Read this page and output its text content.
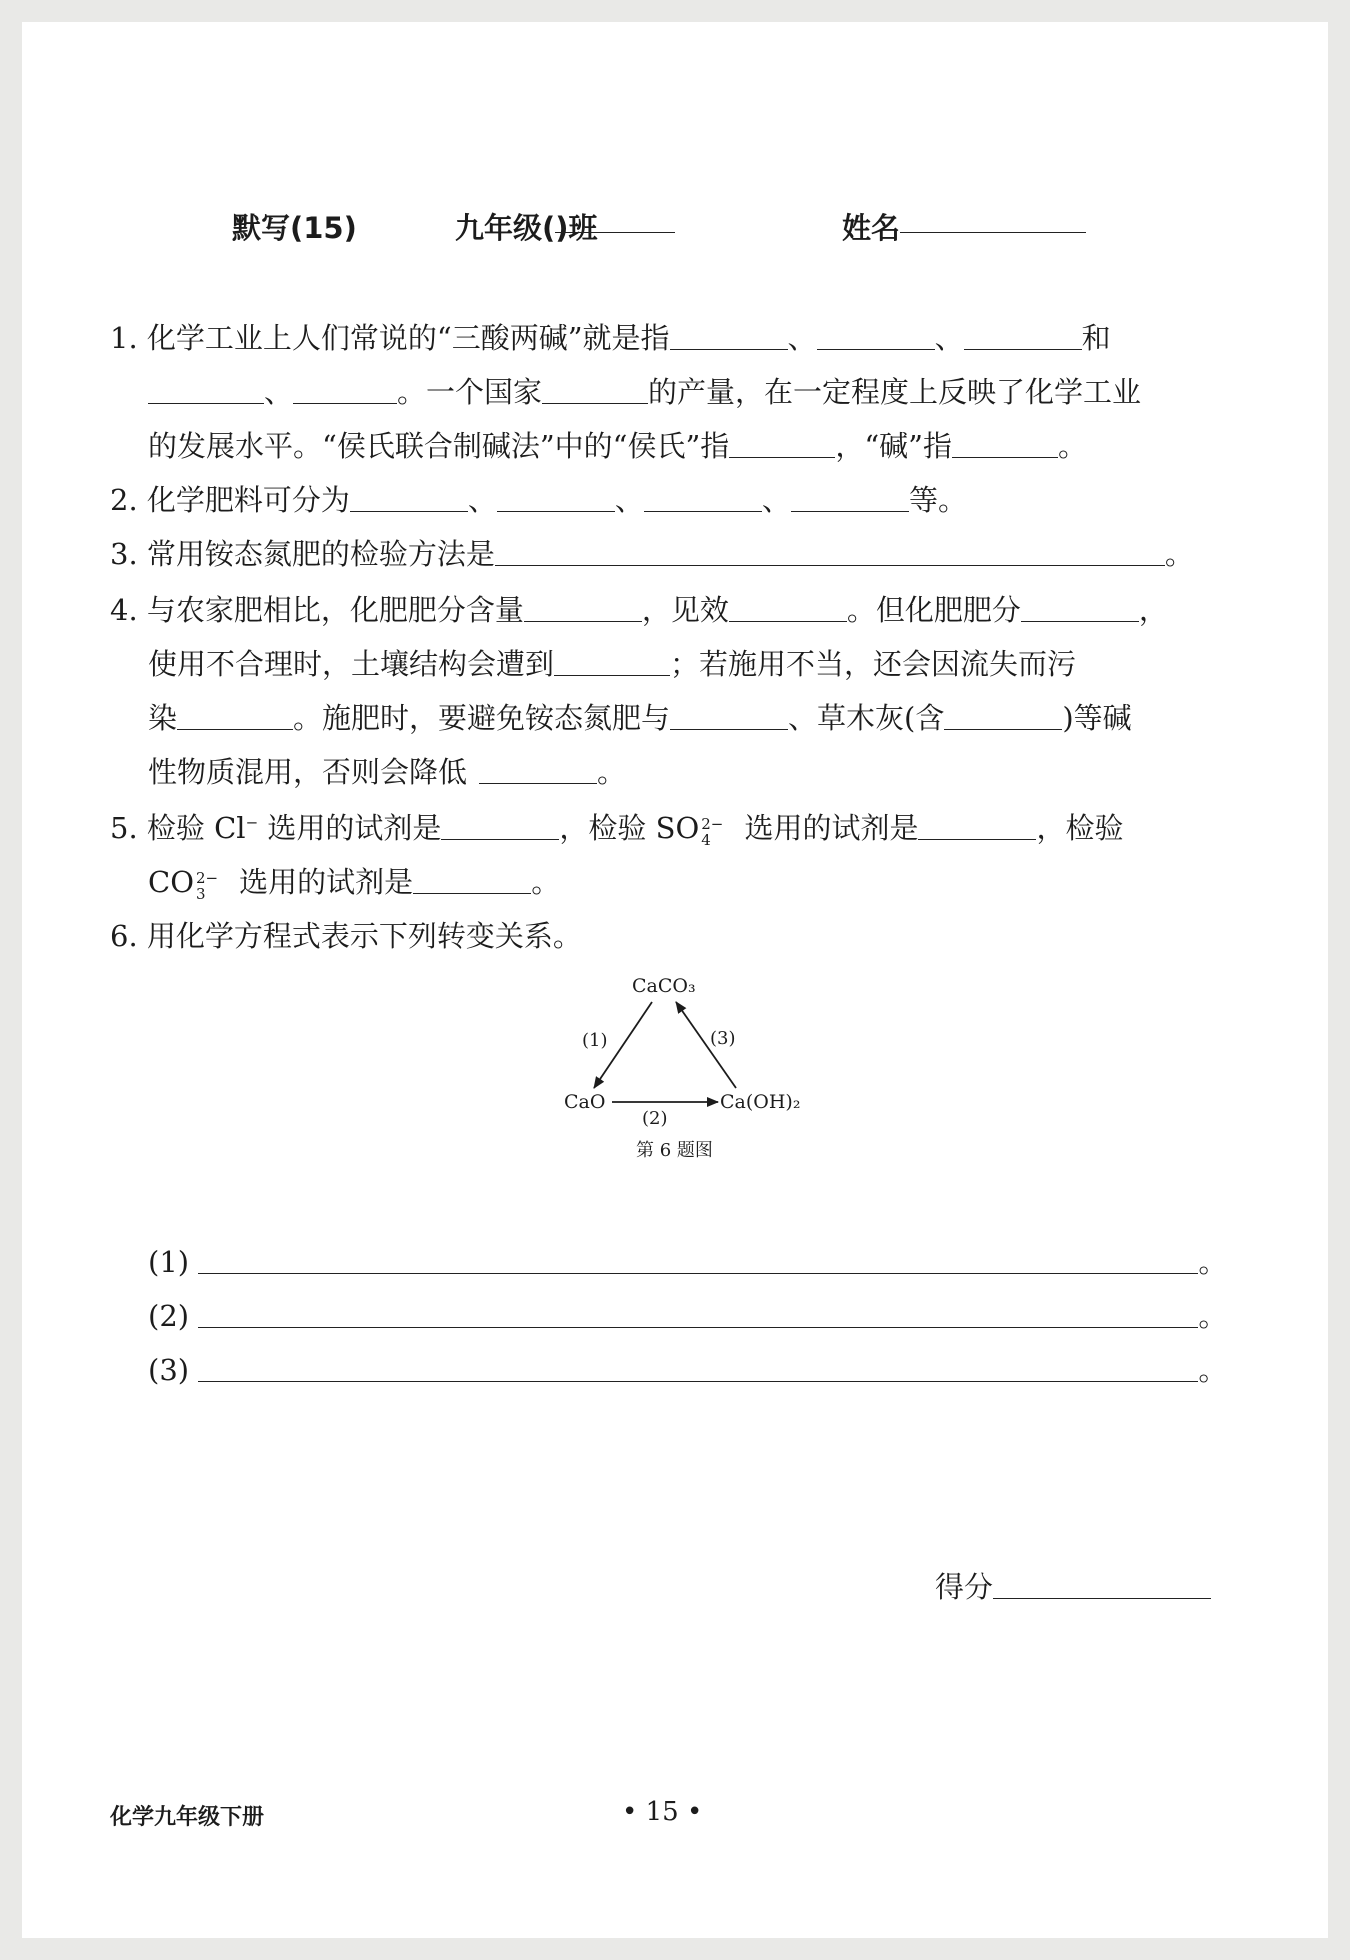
默写(15)	九年级(
)班	姓名
1. 化学工业上人们常说的“三酸两碱”就是指	、	、	和
、	。一个国家	的产量，在一定程度上反映了化学工业
的发展水平。“侯氏联合制碱法”中的“侯氏”指	，“碱”指	。
2. 化学肥料可分为	、	、	、	等。
3. 常用铵态氮肥的检验方法是	。
4. 与农家肥相比，化肥肥分含量	，见效	。但化肥肥分	，
使用不合理时，土壤结构会遭到	；若施用不当，还会因流失而污
染	。施肥时，要避免铵态氮肥与	、草木灰(含	)等碱
性物质混用，否则会降低	。
5. 检验 Cl− 选用的试剂是	，检验 SO 2−
4 选用的试剂是	，检验
CO 2−
3 选用的试剂是	。
6. 用化学方程式表示下列转变关系。
CaCO₃
CaO	Ca(OH)₂
(1)
(2)
(3)
第 6 题图
(1)	。
(2)	。
(3)	。
得分
化学九年级下册	• 15 •
